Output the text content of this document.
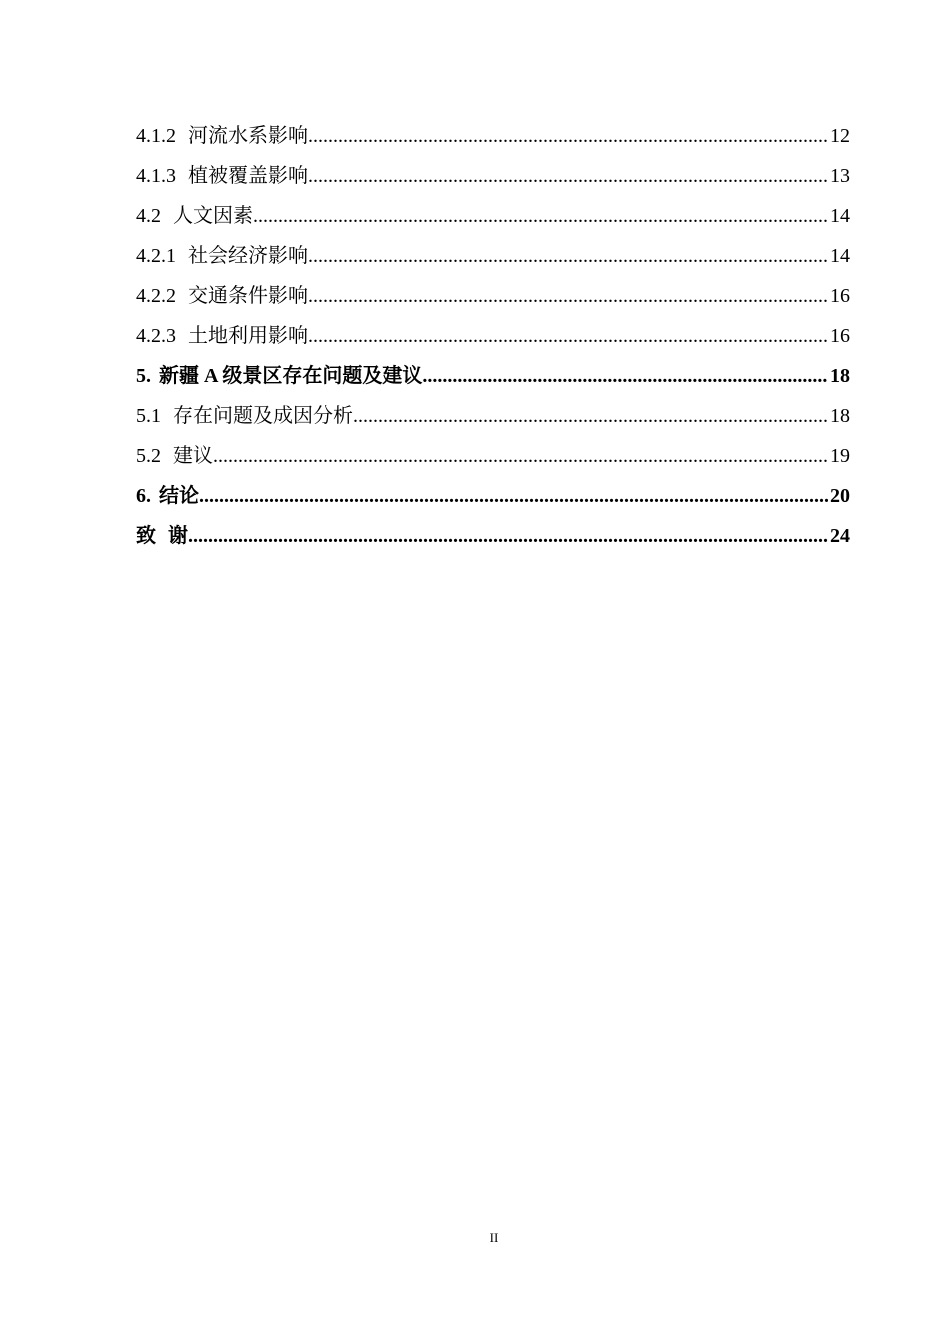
4.1.2 河流水系影响 .....	12
4.1.3 植被覆盖影响 .....	13
4.2 人文因素 .....	14
4.2.1 社会经济影响 .....	14
4.2.2 交通条件影响 .....	16
4.2.3 土地利用影响 .....	16
5. 新疆 A 级景区存在问题及建议 .....	18
5.1 存在问题及成因分析 .....	18
5.2 建议 .....	19
6. 结论 .....	20
致 谢 .....	24
II
